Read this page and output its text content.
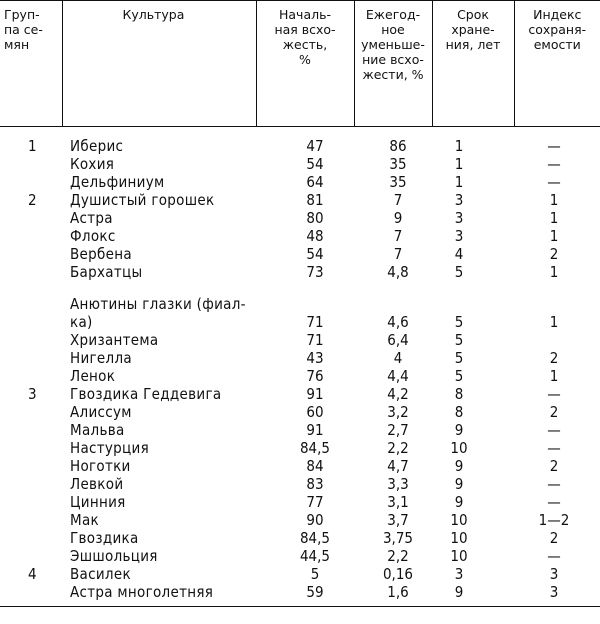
Груп-
па се-
мян	Культура	Началь-
ная вcхо-
жесть,
%	Ежегод-
ное
уменьше-
ние всхо-
жести, %	Срок
хране-
ния, лет	Индекс
сохраня-
емости

1	Иберис	47	86	1	—
	Кохия	54	35	1	—
	Дельфиниум	64	35	1	—
2	Душистый горошек	81	7	3	1
	Астра	80	9	3	1
	Флокс	48	7	3	1
	Вербена	54	7	4	2
	Бархатцы	73	4,8	5	1

	Анютины глазки (фиал-				
	ка)	71	4,6	5	1
	Хризантема	71	6,4	5	
	Нигелла	43	4	5	2
	Ленок	76	4,4	5	1
3	Гвоздика Геддевига	91	4,2	8	—
	Алиссум	60	3,2	8	2
	Мальва	91	2,7	9	—
	Настурция	84,5	2,2	10	—
	Ноготки	84	4,7	9	2
	Левкой	83	3,3	9	—
	Цинния	77	3,1	9	—
	Мак	90	3,7	10	1—2
	Гвоздика	84,5	3,75	10	2
	Эшшольция	44,5	2,2	10	—
4	Василек	5	0,16	3	3
	Астра многолетняя	59	1,6	9	3
